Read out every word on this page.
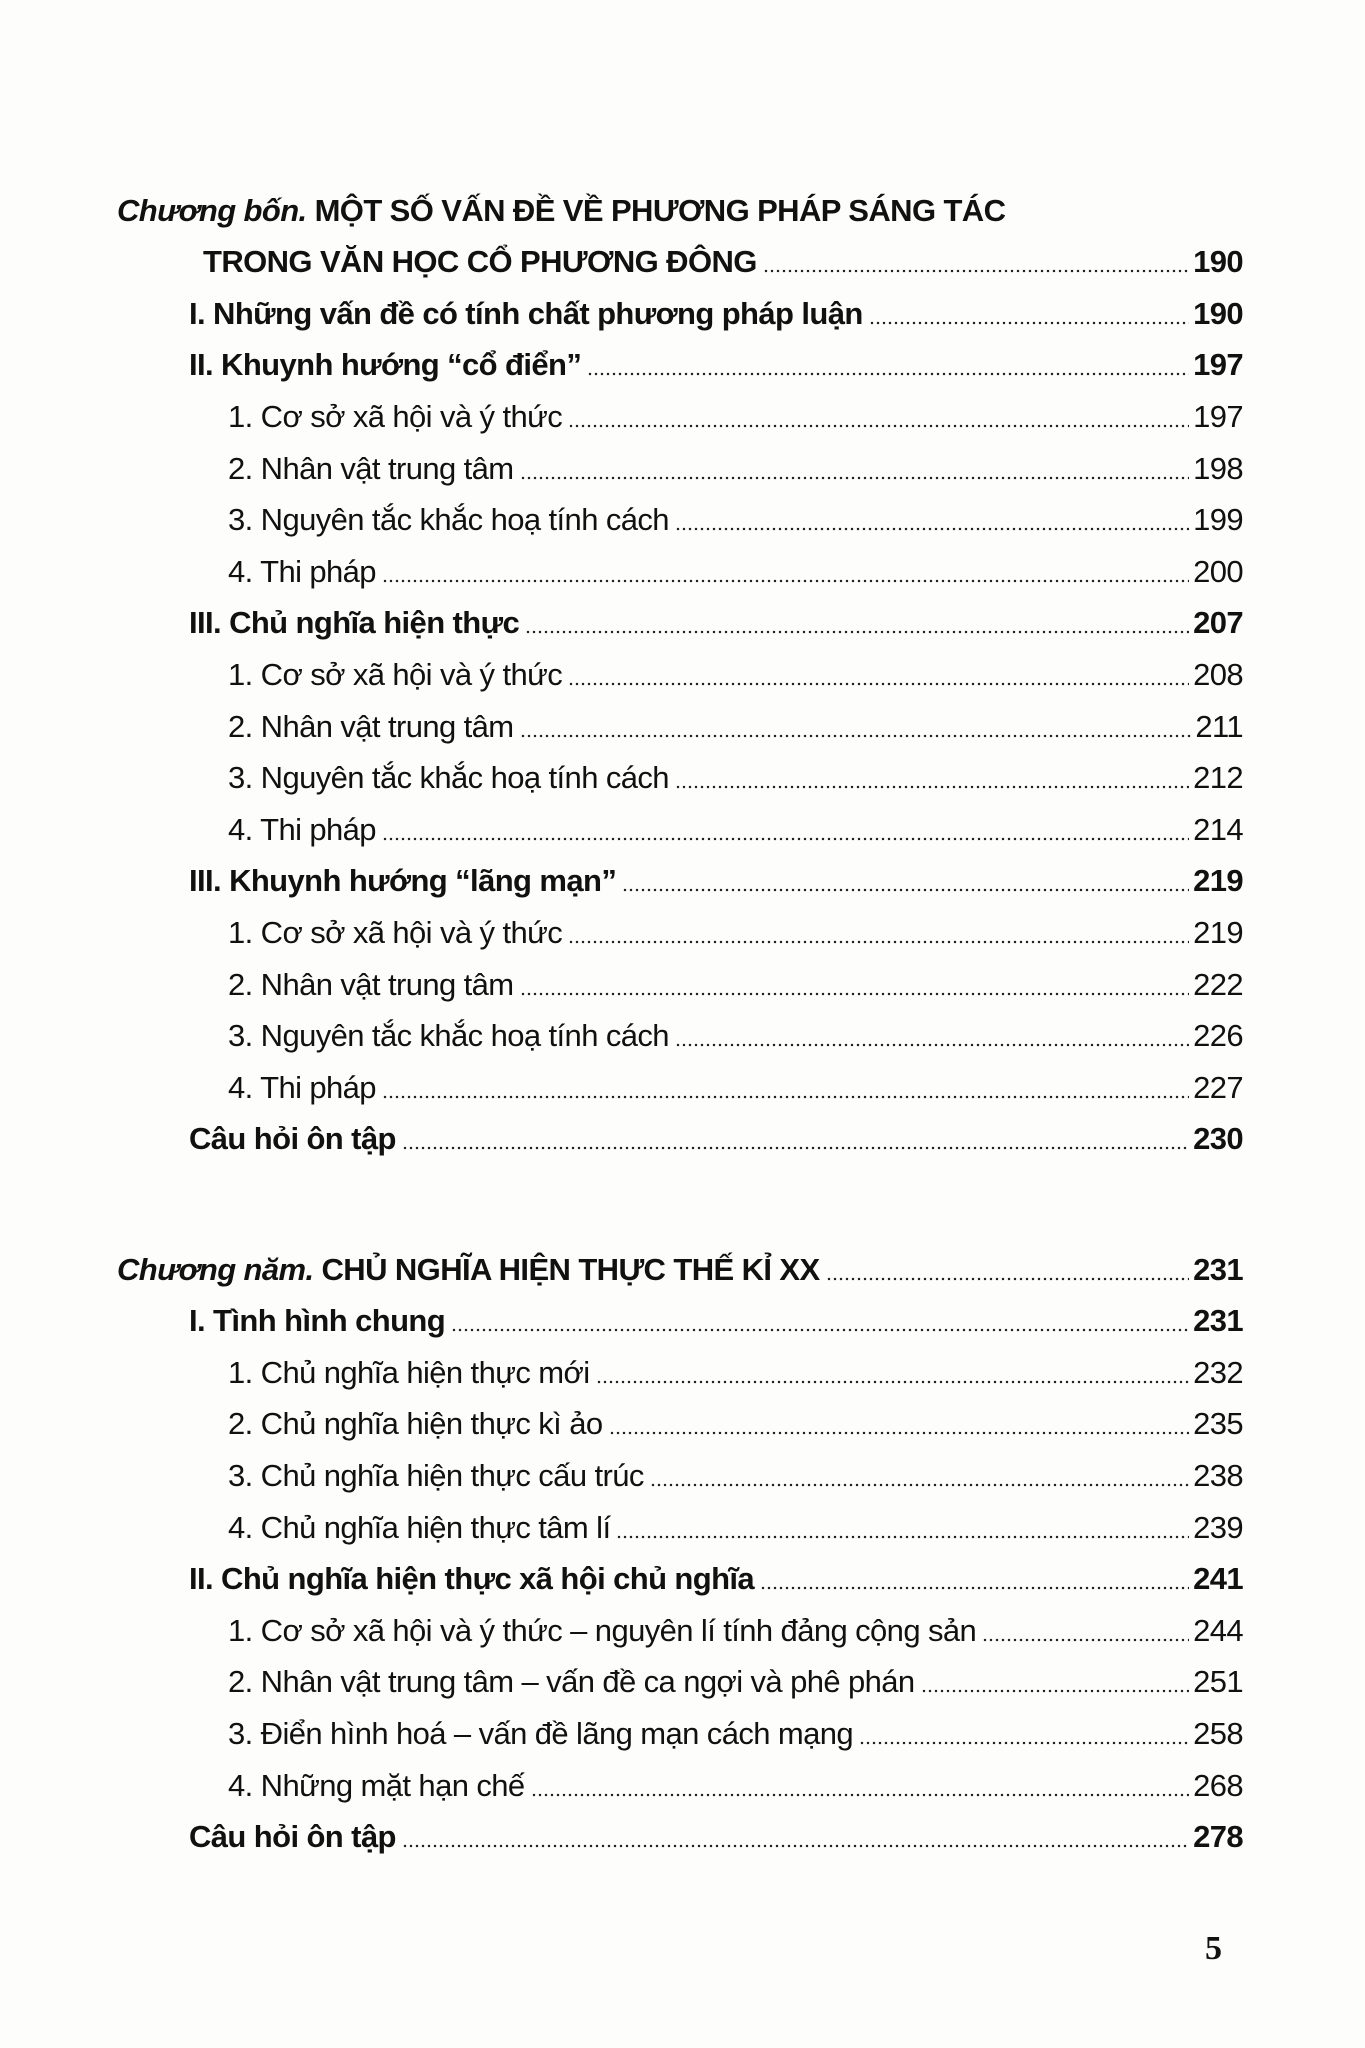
Chương bốn. MỘT SỐ VẤN ĐỀ VỀ PHƯƠNG PHÁP SÁNG TÁC
TRONG VĂN HỌC CỔ PHƯƠNG ĐÔNG	190
I. Những vấn đề có tính chất phương pháp luận	190
II. Khuynh hướng “cổ điển”	197
1. Cơ sở xã hội và ý thức	197
2. Nhân vật trung tâm	198
3. Nguyên tắc khắc hoạ tính cách	199
4. Thi pháp	200
III. Chủ nghĩa hiện thực	207
1. Cơ sở xã hội và ý thức	208
2. Nhân vật trung tâm	211
3. Nguyên tắc khắc hoạ tính cách	212
4. Thi pháp	214
III. Khuynh hướng “lãng mạn”	219
1. Cơ sở xã hội và ý thức	219
2. Nhân vật trung tâm	222
3. Nguyên tắc khắc hoạ tính cách	226
4. Thi pháp	227
Câu hỏi ôn tập	230
Chương năm. CHỦ NGHĨA HIỆN THỰC THẾ KỈ XX	231
I. Tình hình chung	231
1. Chủ nghĩa hiện thực mới	232
2. Chủ nghĩa hiện thực kì ảo	235
3. Chủ nghĩa hiện thực cấu trúc	238
4. Chủ nghĩa hiện thực tâm lí	239
II. Chủ nghĩa hiện thực xã hội chủ nghĩa	241
1. Cơ sở xã hội và ý thức – nguyên lí tính đảng cộng sản	244
2. Nhân vật trung tâm – vấn đề ca ngợi và phê phán	251
3. Điển hình hoá – vấn đề lãng mạn cách mạng	258
4. Những mặt hạn chế	268
Câu hỏi ôn tập	278
5
